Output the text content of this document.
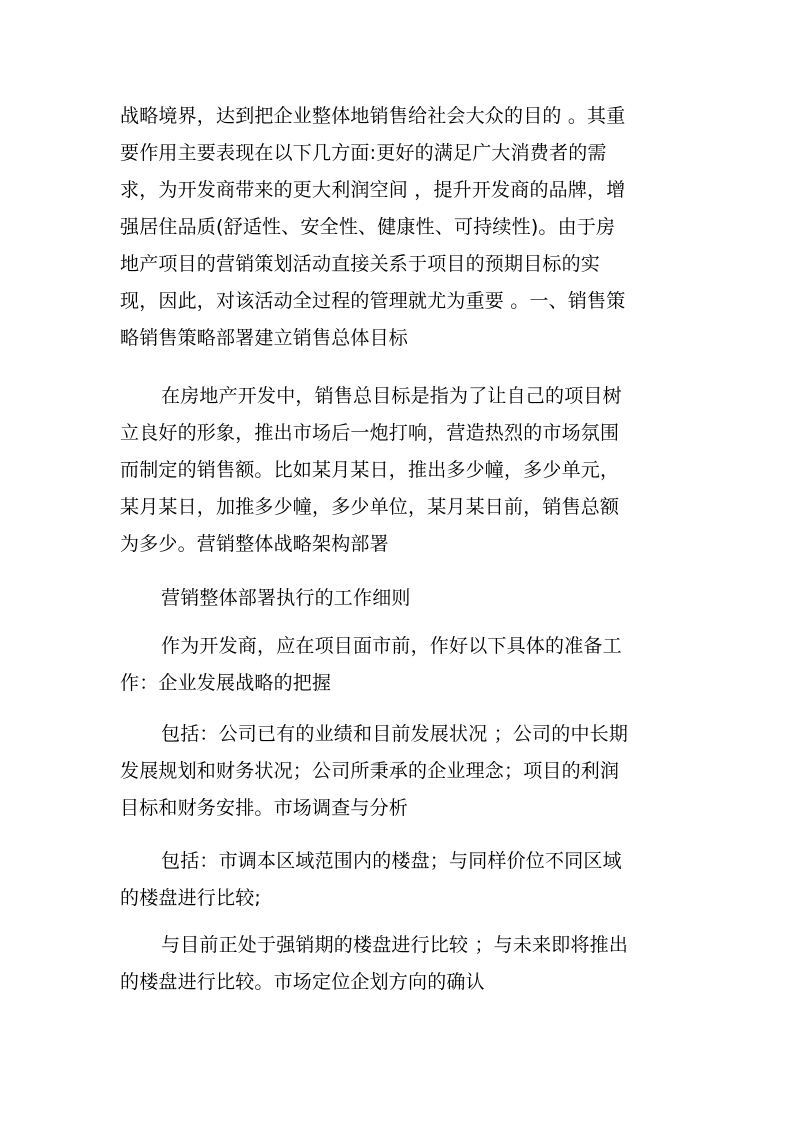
战略境界，达到把企业整体地销售给社会大众的目的 。其重
要作用主要表现在以下几方面:更好的满足广大消费者的需
求，为开发商带来的更大利润空间 ，提升开发商的品牌，增
强居住品质(舒适性、安全性、健康性、可持续性)。由于房
地产项目的营销策划活动直接关系于项目的预期目标的实
现，因此，对该活动全过程的管理就尤为重要 。一、销售策
略销售策略部署建立销售总体目标
在房地产开发中，销售总目标是指为了让自己的项目树
立良好的形象，推出市场后一炮打响，营造热烈的市场氛围
而制定的销售额。比如某月某日，推出多少幢，多少单元，
某月某日，加推多少幢，多少单位，某月某日前，销售总额
为多少。营销整体战略架构部署
营销整体部署执行的工作细则
作为开发商，应在项目面市前，作好以下具体的准备工
作：企业发展战略的把握
包括：公司已有的业绩和目前发展状况 ；公司的中长期
发展规划和财务状况；公司所秉承的企业理念；项目的利润
目标和财务安排。市场调查与分析
包括：市调本区域范围内的楼盘；与同样价位不同区域
的楼盘进行比较;
与目前正处于强销期的楼盘进行比较 ；与未来即将推出
的楼盘进行比较。市场定位企划方向的确认
